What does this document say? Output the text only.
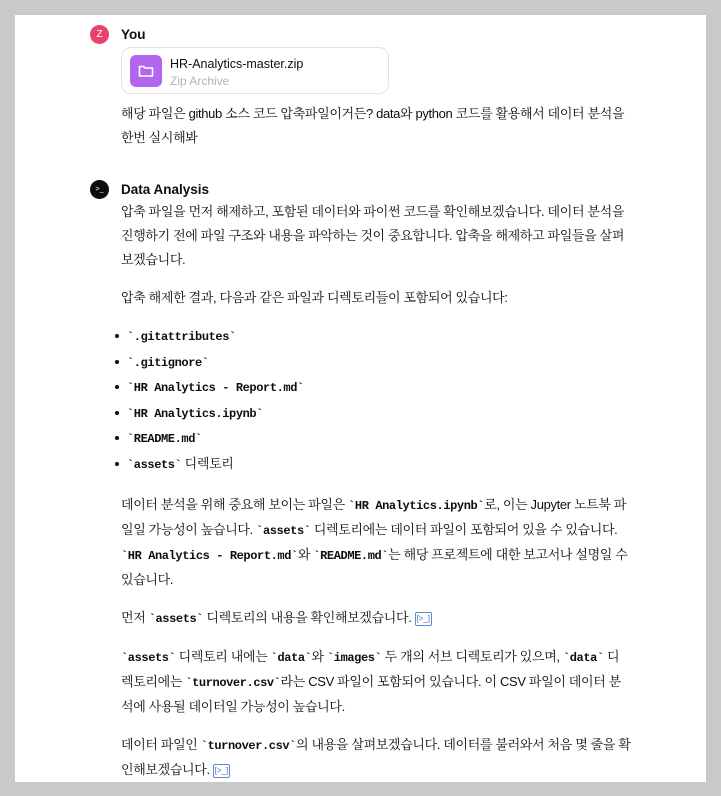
Z	You
HR-Analytics-master.zip
Zip Archive

해당 파일은 github 소스 코드 압축파일이거든? data와 python 코드를 활용해서 데이터 분석을 한번 실시해봐

>_	Data Analysis

압축 파일을 먼저 해제하고, 포함된 데이터와 파이썬 코드를 확인해보겠습니다. 데이터 분석을 진행하기 전에 파일 구조와 내용을 파악하는 것이 중요합니다. 압축을 해제하고 파일들을 살펴보겠습니다.

압축 해제한 결과, 다음과 같은 파일과 디렉토리들이 포함되어 있습니다:

`.gitattributes`
`.gitignore`
`HR Analytics - Report.md`
`HR Analytics.ipynb`
`README.md`
`assets` 디렉토리

데이터 분석을 위해 중요해 보이는 파일은 `HR Analytics.ipynb`로, 이는 Jupyter 노트북 파일일 가능성이 높습니다. `assets` 디렉토리에는 데이터 파일이 포함되어 있을 수 있습니다. `HR Analytics - Report.md`와 `README.md`는 해당 프로젝트에 대한 보고서나 설명일 수 있습니다.

먼저 `assets` 디렉토리의 내용을 확인해보겠습니다. [>_]

`assets` 디렉토리 내에는 `data`와 `images` 두 개의 서브 디렉토리가 있으며, `data` 디렉토리에는 `turnover.csv`라는 CSV 파일이 포함되어 있습니다. 이 CSV 파일이 데이터 분석에 사용될 데이터일 가능성이 높습니다.

데이터 파일인 `turnover.csv`의 내용을 살펴보겠습니다. 데이터를 불러와서 처음 몇 줄을 확인해보겠습니다. [>_]
